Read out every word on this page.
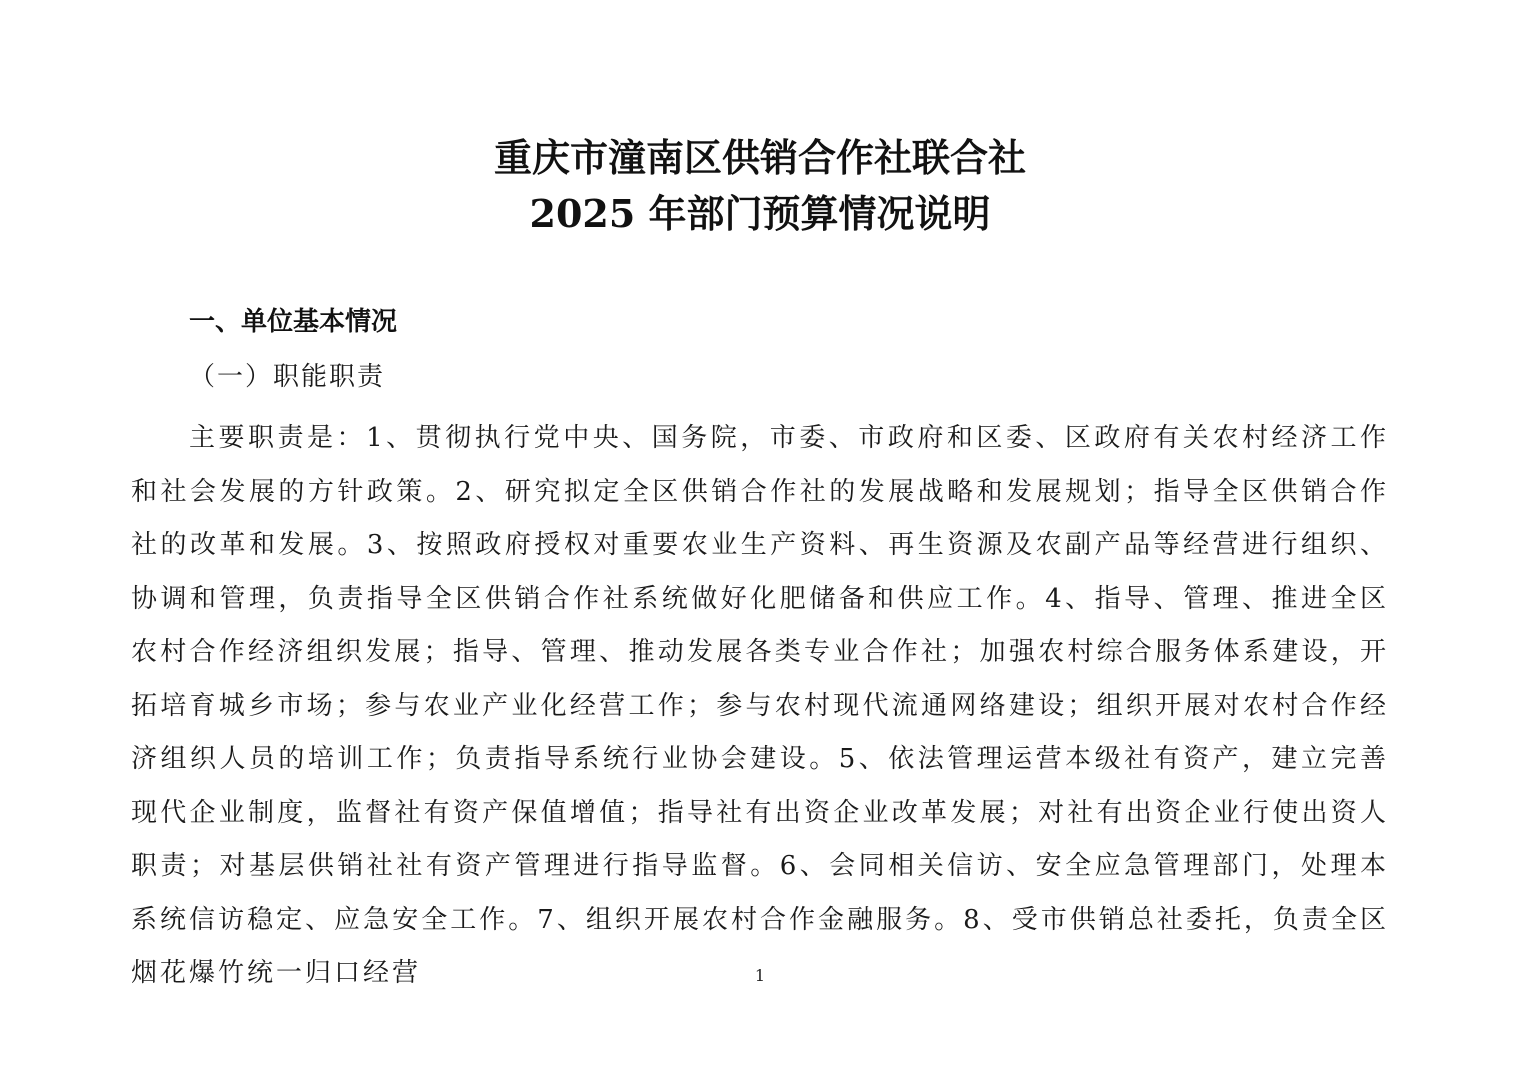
重庆市潼南区供销合作社联合社
2025 年部门预算情况说明
一、单位基本情况
（一）职能职责

主要职责是：1、贯彻执行党中央、国务院，市委、市政府和区委、区政府有关农村经济工作和社会发展的方针政策。2、研究拟定全区供销合作社的发展战略和发展规划；指导全区供销合作社的改革和发展。3、按照政府授权对重要农业生产资料、再生资源及农副产品等经营进行组织、协调和管理，负责指导全区供销合作社系统做好化肥储备和供应工作。4、指导、管理、推进全区农村合作经济组织发展；指导、管理、推动发展各类专业合作社；加强农村综合服务体系建设，开拓培育城乡市场；参与农业产业化经营工作；参与农村现代流通网络建设；组织开展对农村合作经济组织人员的培训工作；负责指导系统行业协会建设。5、依法管理运营本级社有资产，建立完善现代企业制度，监督社有资产保值增值；指导社有出资企业改革发展；对社有出资企业行使出资人职责；对基层供销社社有资产管理进行指导监督。6、会同相关信访、安全应急管理部门，处理本系统信访稳定、应急安全工作。7、组织开展农村合作金融服务。8、受市供销总社委托，负责全区烟花爆竹统一归口经营	1
